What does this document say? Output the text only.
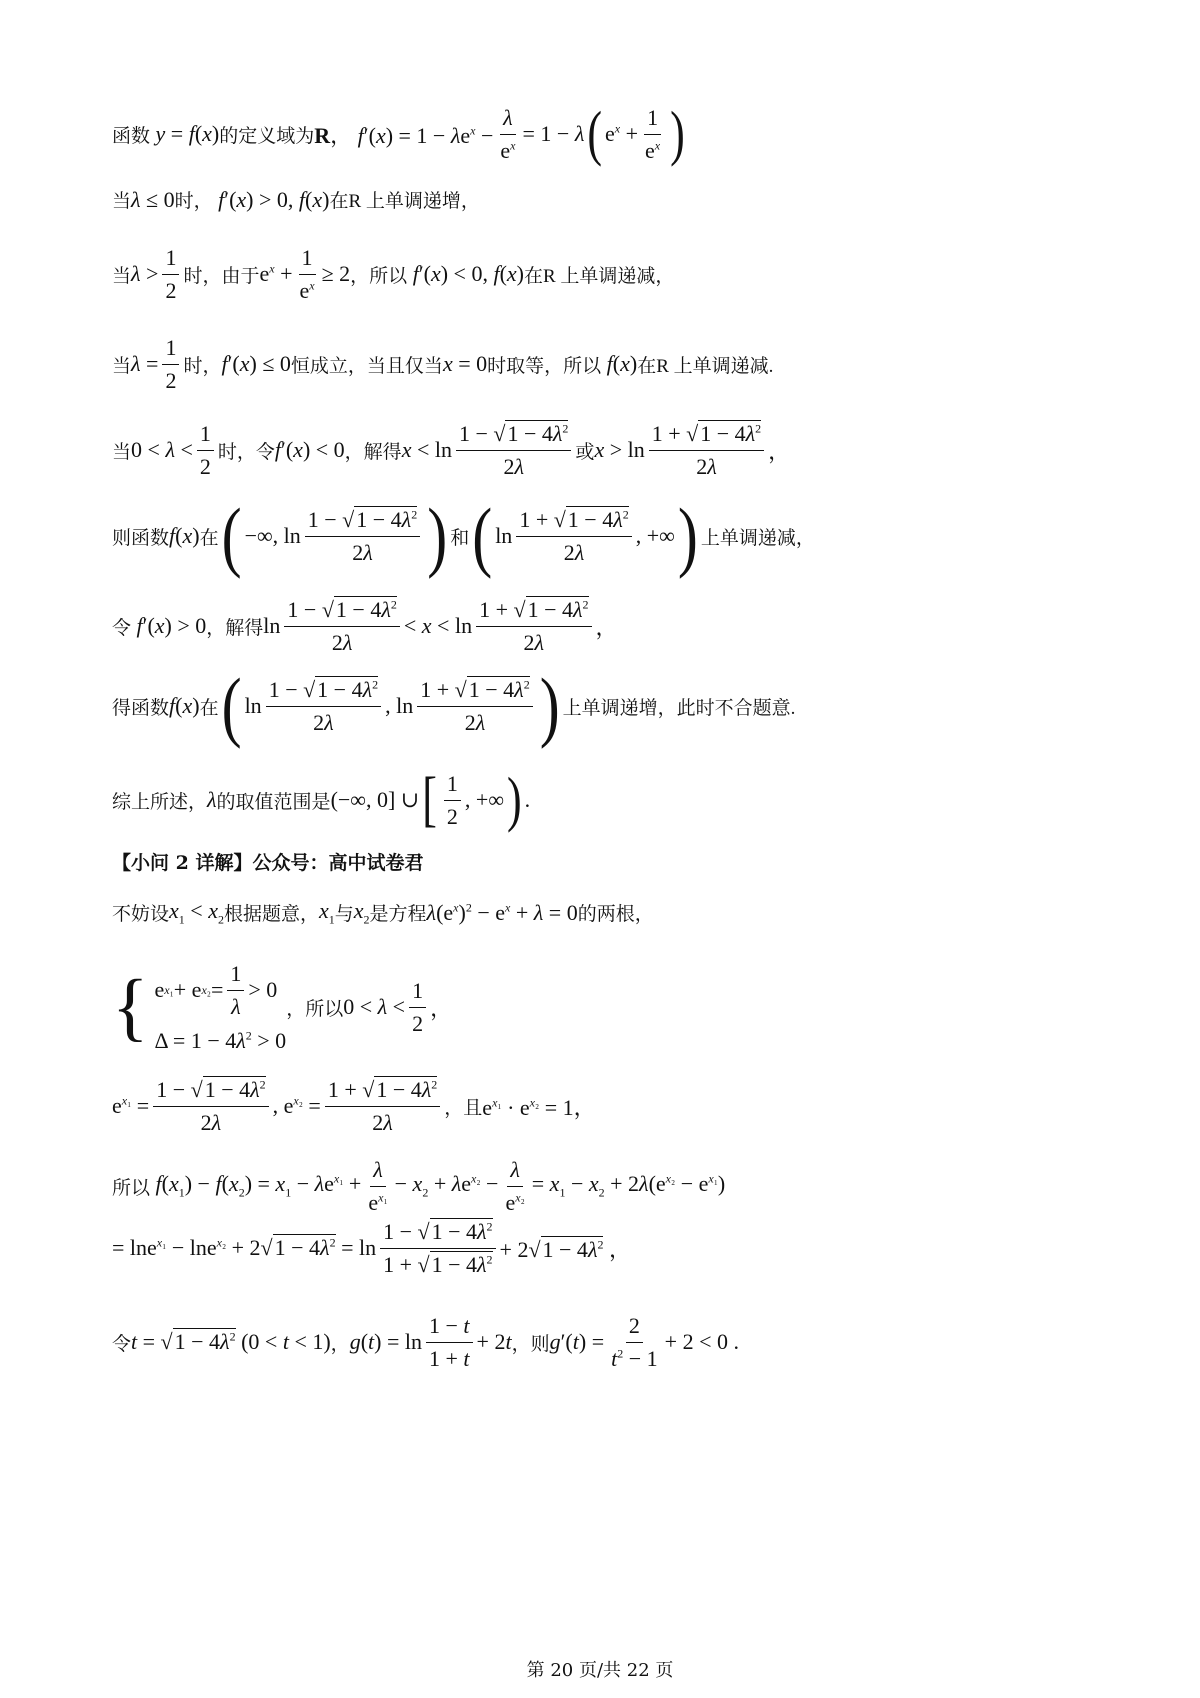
函数 y = f(x) 的定义域为 R， $f'(x) = 1 - \lambda e^x - \frac{\lambda}{e^x} = 1 - \lambda$ ( $e^x + \frac{1}{e^x}$ )
当 λ ≤ 0 时， f′(x) > 0, f(x) 在R 上单调递增，
当 $\lambda > \frac{1}{2}$ 时，由于 $e^x + \frac{1}{e^x} \ge 2$ ，所以 f′(x) < 0, f(x) 在R 上单调递减，
当 $\lambda = \frac{1}{2}$ 时， f′(x) ≤ 0 恒成立，当且仅当 x = 0 时取等，所以 f(x) 在R 上单调递减.
当 $0 < \lambda < \frac{1}{2}$ 时，令 f′(x) < 0 ，解得 $x < \ln \frac{1 - √1 - 4\lambda^2}{2\lambda}$ 或 $x > \ln \frac{1 + √1 - 4\lambda^2}{2\lambda}$ ，
则函数 f(x) 在 ( −∞, $\ln \frac{1 - √1 - 4\lambda^2}{2\lambda}$ ) 和 ( $\ln \frac{1 + √1 - 4\lambda^2}{2\lambda}$ , +∞ ) 上单调递减，
令 f′(x) > 0 ，解得 $\ln \frac{1 - √1 - 4\lambda^2}{2\lambda} < x < \ln \frac{1 + √1 - 4\lambda^2}{2\lambda}$ ，
得函数 f(x) 在 ( $\ln \frac{1 - √1 - 4\lambda^2}{2\lambda}$ , $\ln \frac{1 + √1 - 4\lambda^2}{2\lambda}$ ) 上单调递增，此时不合题意.
综上所述， λ 的取值范围是 (−∞, 0] ∪ [ $\frac{1}{2}$ , +∞ ) .
【小问 2 详解】公众号：高中试卷君
不妨设 $x_1 < x_2$ 根据题意， $x_1$ 与 $x_2$ 是方程 $\lambda(e^x)^2 - e^x + \lambda = 0$ 的两根，
{ e x₁ + e $x_2 = \frac{1}{\lambda} > 0$
$\Delta = 1 - 4\lambda^2 > 0$
，所以 $0 < \lambda < \frac{1}{2}$ ，
$e^{x_1} = \frac{1 - √1 - 4\lambda^2}{2\lambda}$ , $e^{x_2} = \frac{1 + √1 - 4\lambda^2}{2\lambda}$ ，且 $e^{x_1} \cdot e^{x_2} = 1$，
所以 $f(x_1) - f(x_2) = x_1 - \lambda e^{x_1} + \frac{\lambda}{e^{x_1}} - x_2 + \lambda e^{x_2} - \frac{\lambda}{e^{x_2}} = x_1 - x_2 + 2\lambda(e^{x_2} - e^{x_1})$
= $\ln e^{x_1} - \ln e^{x_2} + 2√1 - 4\lambda^2 = \ln \frac{1 - √1 - 4\lambda^2}{1 + √1 - 4\lambda^2} + 2√1 - 4\lambda^2$ ，
令 $t = √1 - 4\lambda^2$ (0 < t < 1) ， $g(t) = \ln \frac{1 - t}{1 + t} + 2t$ ，则 $g'(t) = \frac{2}{t^2 - 1} + 2 < 0$ .
第 20 页/共 22 页
